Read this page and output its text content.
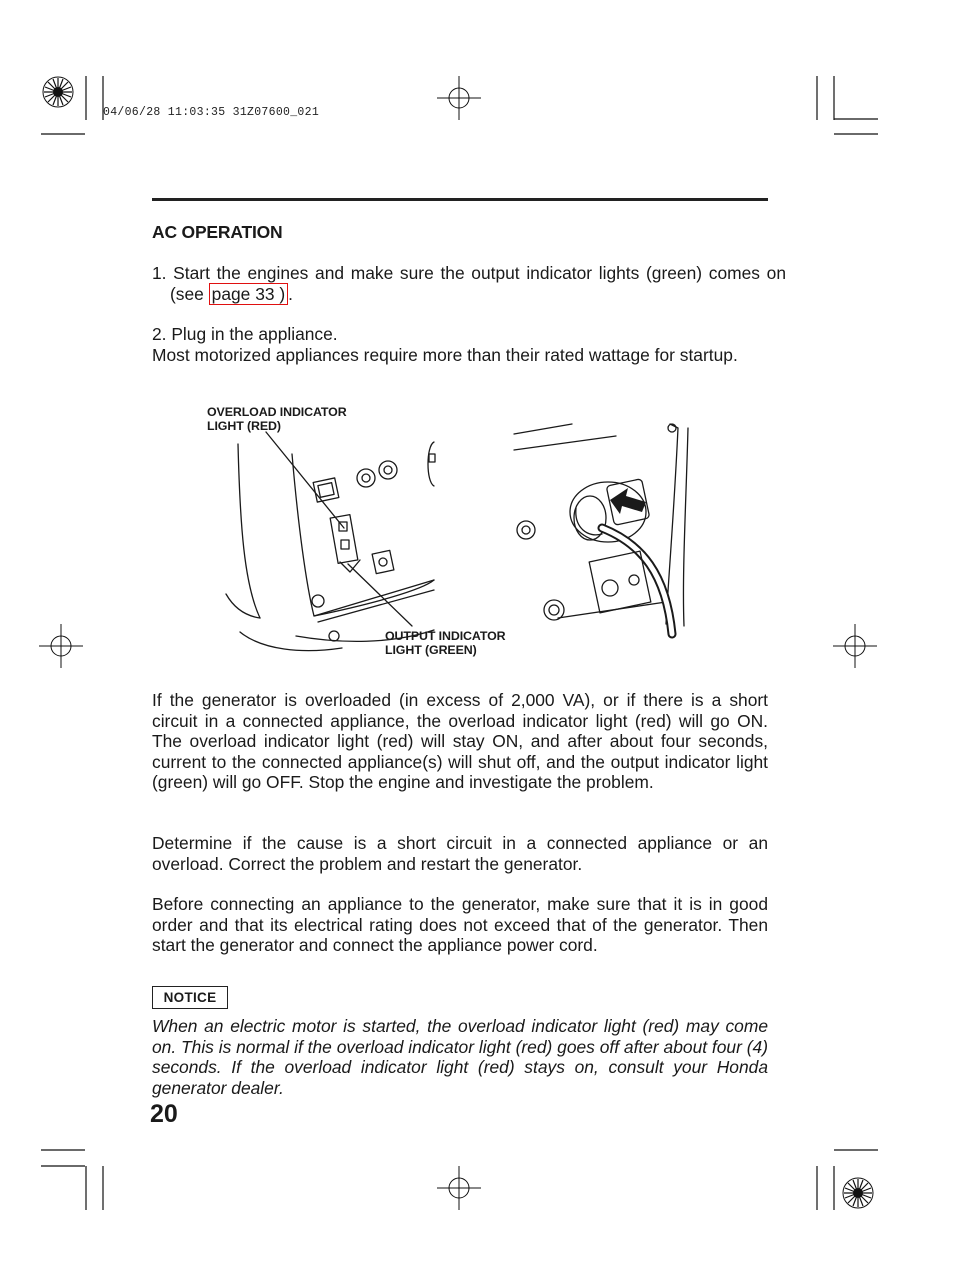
04/06/28 11:03:35 31Z07600_021
AC OPERATION

1. Start the engines and make sure the output indicator lights (green) comes on (see page 33 ) .

2. Plug in the appliance.
Most motorized appliances require more than their rated wattage for startup.
OVERLOAD INDICATOR LIGHT (RED)
OUTPUT INDICATOR LIGHT (GREEN)

If the generator is overloaded (in excess of 2,000 VA), or if there is a short circuit in a connected appliance, the overload indicator light (red) will go ON. The overload indicator light (red) will stay ON, and after about four seconds, current to the connected appliance(s) will shut off, and the output indicator light (green) will go OFF. Stop the engine and investigate the problem.

Determine if the cause is a short circuit in a connected appliance or an overload. Correct the problem and restart the generator.

Before connecting an appliance to the generator, make sure that it is in good order and that its electrical rating does not exceed that of the generator. Then start the generator and connect the appliance power cord.

NOTICE

When an electric motor is started, the overload indicator light (red) may come on. This is normal if the overload indicator light (red) goes off after about four (4) seconds. If the overload indicator light (red) stays on, consult your Honda generator dealer.

20
